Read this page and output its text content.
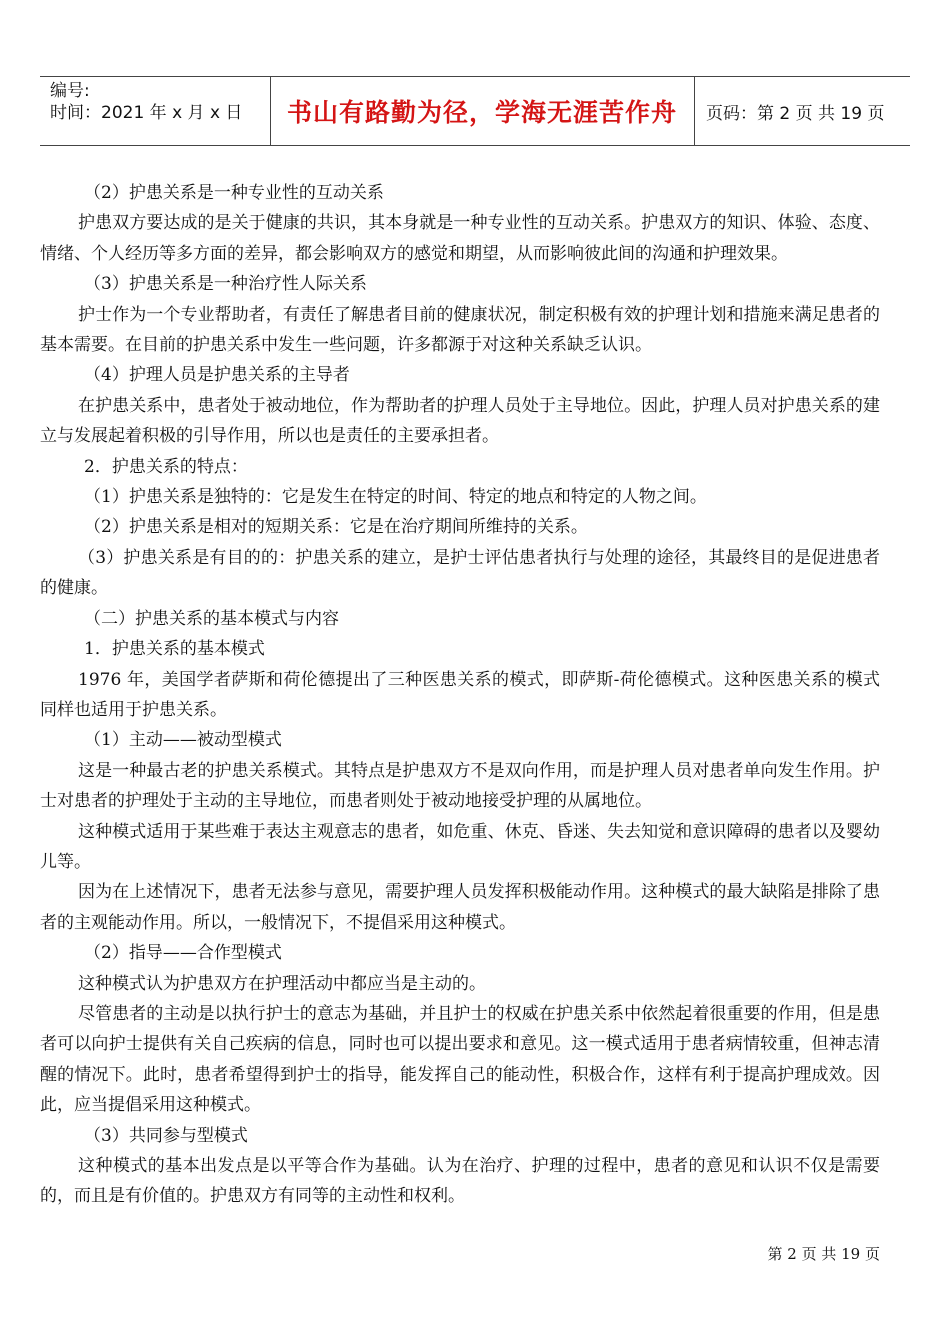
编号:
时间：2021 年 x 月 x 日	书山有路勤为径，学海无涯苦作舟	页码：第 2 页 共 19 页

（2）护患关系是一种专业性的互动关系

护患双方要达成的是关于健康的共识，其本身就是一种专业性的互动关系。护患双方的知识、体验、态度、情绪、个人经历等多方面的差异，都会影响双方的感觉和期望，从而影响彼此间的沟通和护理效果。

（3）护患关系是一种治疗性人际关系

护士作为一个专业帮助者，有责任了解患者目前的健康状况，制定积极有效的护理计划和措施来满足患者的基本需要。在目前的护患关系中发生一些问题，许多都源于对这种关系缺乏认识。

（4）护理人员是护患关系的主导者

在护患关系中，患者处于被动地位，作为帮助者的护理人员处于主导地位。因此，护理人员对护患关系的建立与发展起着积极的引导作用，所以也是责任的主要承担者。

2．护患关系的特点：

（1）护患关系是独特的：它是发生在特定的时间、特定的地点和特定的人物之间。

（2）护患关系是相对的短期关系：它是在治疗期间所维持的关系。

（3）护患关系是有目的的：护患关系的建立，是护士评估患者执行与处理的途径，其最终目的是促进患者的健康。

（二）护患关系的基本模式与内容

1．护患关系的基本模式

1976 年，美国学者萨斯和荷伦德提出了三种医患关系的模式，即萨斯-荷伦德模式。这种医患关系的模式同样也适用于护患关系。

（1）主动——被动型模式

这是一种最古老的护患关系模式。其特点是护患双方不是双向作用，而是护理人员对患者单向发生作用。护士对患者的护理处于主动的主导地位，而患者则处于被动地接受护理的从属地位。

这种模式适用于某些难于表达主观意志的患者，如危重、休克、昏迷、失去知觉和意识障碍的患者以及婴幼儿等。

因为在上述情况下，患者无法参与意见，需要护理人员发挥积极能动作用。这种模式的最大缺陷是排除了患者的主观能动作用。所以，一般情况下，不提倡采用这种模式。

（2）指导——合作型模式

这种模式认为护患双方在护理活动中都应当是主动的。

尽管患者的主动是以执行护士的意志为基础，并且护士的权威在护患关系中依然起着很重要的作用，但是患者可以向护士提供有关自己疾病的信息，同时也可以提出要求和意见。这一模式适用于患者病情较重，但神志清醒的情况下。此时，患者希望得到护士的指导，能发挥自己的能动性，积极合作，这样有利于提高护理成效。因此，应当提倡采用这种模式。

（3）共同参与型模式

这种模式的基本出发点是以平等合作为基础。认为在治疗、护理的过程中，患者的意见和认识不仅是需要的，而且是有价值的。护患双方有同等的主动性和权利。

第 2 页 共 19 页
